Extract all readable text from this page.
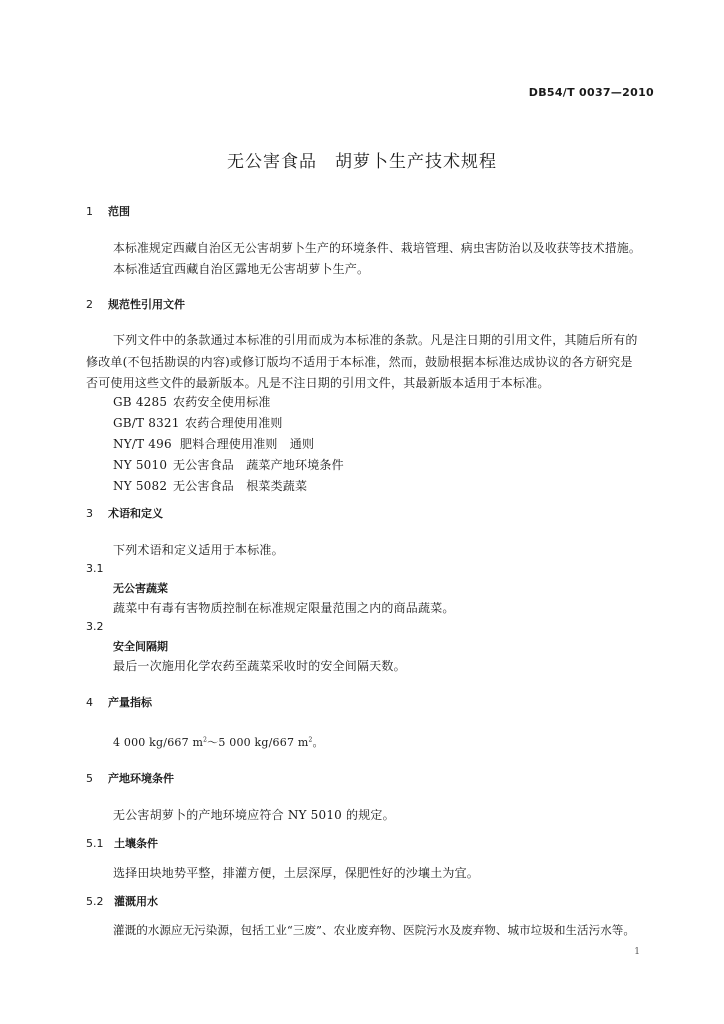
DB54/T 0037—2010
无公害食品　胡萝卜生产技术规程
1 范围
本标准规定西藏自治区无公害胡萝卜生产的环境条件、栽培管理、病虫害防治以及收获等技术措施。
本标准适宜西藏自治区露地无公害胡萝卜生产。
2 规范性引用文件
下列文件中的条款通过本标准的引用而成为本标准的条款。凡是注日期的引用文件，其随后所有的
修改单(不包括勘误的内容)或修订版均不适用于本标准，然而，鼓励根据本标准达成协议的各方研究是
否可使用这些文件的最新版本。凡是不注日期的引用文件，其最新版本适用于本标准。
GB 4285 农药安全使用标准
GB/T 8321 农药合理使用准则
NY/T 496 肥料合理使用准则　通则
NY 5010 无公害食品　蔬菜产地环境条件
NY 5082 无公害食品　根菜类蔬菜
3 术语和定义
下列术语和定义适用于本标准。
3.1
无公害蔬菜
蔬菜中有毒有害物质控制在标准规定限量范围之内的商品蔬菜。
3.2
安全间隔期
最后一次施用化学农药至蔬菜采收时的安全间隔天数。
4 产量指标
4 000 kg/667 $m^2\sim 5$ 000 kg/667 $m^2$。
5 产地环境条件
无公害胡萝卜的产地环境应符合 NY 5010 的规定。
5.1 土壤条件
选择田块地势平整，排灌方便，土层深厚，保肥性好的沙壤土为宜。
5.2 灌溉用水
灌溉的水源应无污染源，包括工业“三废”、农业废弃物、医院污水及废弃物、城市垃圾和生活污水等。
1
